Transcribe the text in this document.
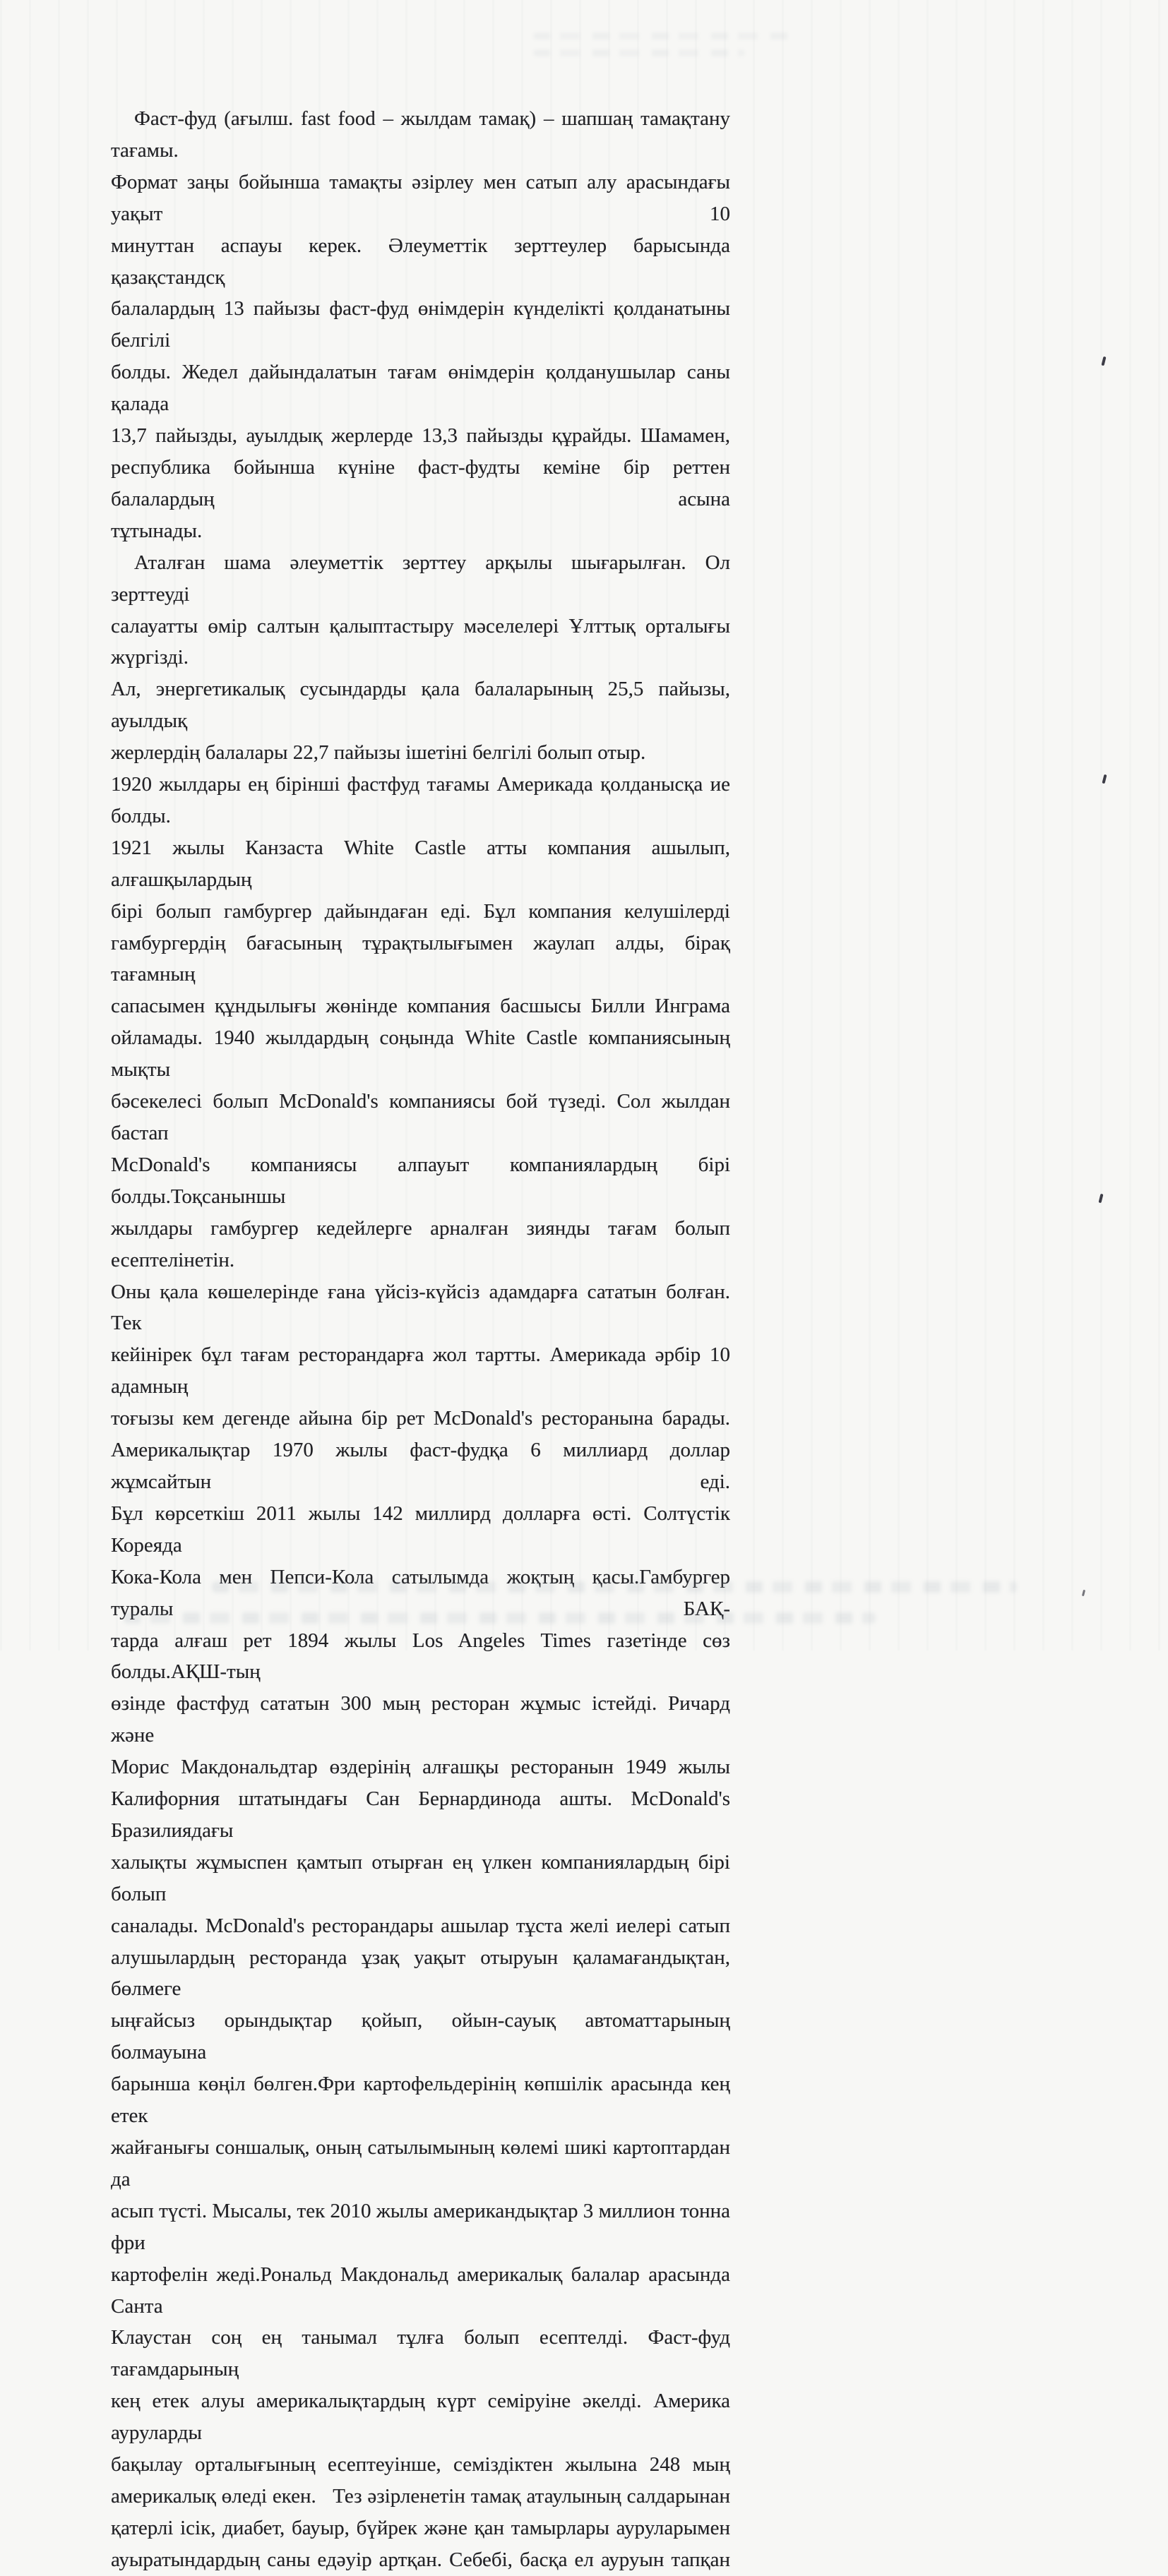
Фаст-фуд (ағылш. fast food – жылдам тамақ) – шапшаң тамақтану тағамы.
Формат заңы бойынша тамақты әзірлеу мен сатып алу арасындағы уақыт 10
минуттан аспауы керек. Әлеуметтік зерттеулер барысында қазақстандсқ
балалардың 13 пайызы фаст-фуд өнімдерін күнделікті қолданатыны белгілі
болды. Жедел дайындалатын тағам өнімдерін қолданушылар саны қалада
13,7 пайызды, ауылдық жерлерде 13,3 пайызды құрайды. Шамамен,
республика бойынша күніне фаст-фудты кеміне бір реттен балалардың асына
тұтынады.

Аталған шама әлеуметтік зерттеу арқылы шығарылған. Ол зерттеуді
салауатты өмір салтын қалыптастыру мәселелері Ұлттық орталығы жүргізді.
Ал, энергетикалық сусындарды қала балаларының 25,5 пайызы, ауылдық
жерлердің балалары 22,7 пайызы ішетіні белгілі болып отыр.

1920 жылдары ең бірінші фастфуд тағамы Америкада қолданысқа ие болды.
1921 жылы Канзаста White Castle атты компания ашылып, алғашқылардың
бірі болып гамбургер дайындаған еді. Бұл компания келушілерді
гамбургердің бағасының тұрақтылығымен жаулап алды, бірақ тағамның
сапасымен құндылығы жөнінде компания басшысы Билли Инграма
ойламады. 1940 жылдардың соңында White Castle компаниясының мықты
бәсекелесі болып McDonald's компаниясы бой түзеді. Сол жылдан бастап
McDonald's компаниясы алпауыт компаниялардың бірі болды.Тоқсаныншы
жылдары гамбургер кедейлерге арналған зиянды тағам болып есептелінетін.
Оны қала көшелерінде ғана үйсіз-күйсіз адамдарға сататын болған. Тек
кейінірек бұл тағам ресторандарға жол тартты. Америкада әрбір 10 адамның
тоғызы кем дегенде айына бір рет McDonald's ресторанына барады.
Америкалықтар 1970 жылы фаст-фудқа 6 миллиард доллар жұмсайтын еді.
Бұл көрсеткіш 2011 жылы 142 миллирд долларға өсті. Солтүстік Кореяда
Кока-Кола мен Пепси-Кола сатылымда жоқтың қасы.Гамбургер туралы БАҚ-
тарда алғаш рет 1894 жылы Los Angeles Times газетінде сөз болды.АҚШ-тың
өзінде фастфуд сататын 300 мың ресторан жұмыс істейді. Ричард және
Морис Макдональдтар өздерінің алғашқы ресторанын 1949 жылы
Калифорния штатындағы Сан Бернардинода ашты. McDonald's Бразилиядағы
халықты жұмыспен қамтып отырған ең үлкен компаниялардың бірі болып
саналады. McDonald's ресторандары ашылар тұста желі иелері сатып
алушылардың ресторанда ұзақ уақыт отыруын қаламағандықтан, бөлмеге
ыңғайсыз орындықтар қойып, ойын-сауық автоматтарының болмауына
барынша көңіл бөлген.Фри картофельдерінің көпшілік арасында кең етек
жайғанығы соншалық, оның сатылымының көлемі шикі картоптардан да
асып түсті. Мысалы, тек 2010 жылы американдықтар 3 миллион тонна фри
картофелін жеді.Рональд Макдональд америкалық балалар арасында Санта
Клаустан соң ең танымал тұлға болып есептелді. Фаст-фуд тағамдарының
кең етек алуы америкалықтардың күрт семіруіне әкелді. Америка ауруларды
бақылау орталығының есептеуінше, семіздіктен жылына 248 мың
америкалық өледі екен.   Тез әзірленетін тамақ атаулының салдарынан
қатерлі ісік, диабет, бауыр, бүйрек және қан тамырлары ауруларымен
ауыратындардың саны едәуір артқан. Себебі, басқа ел ауруын тапқан
